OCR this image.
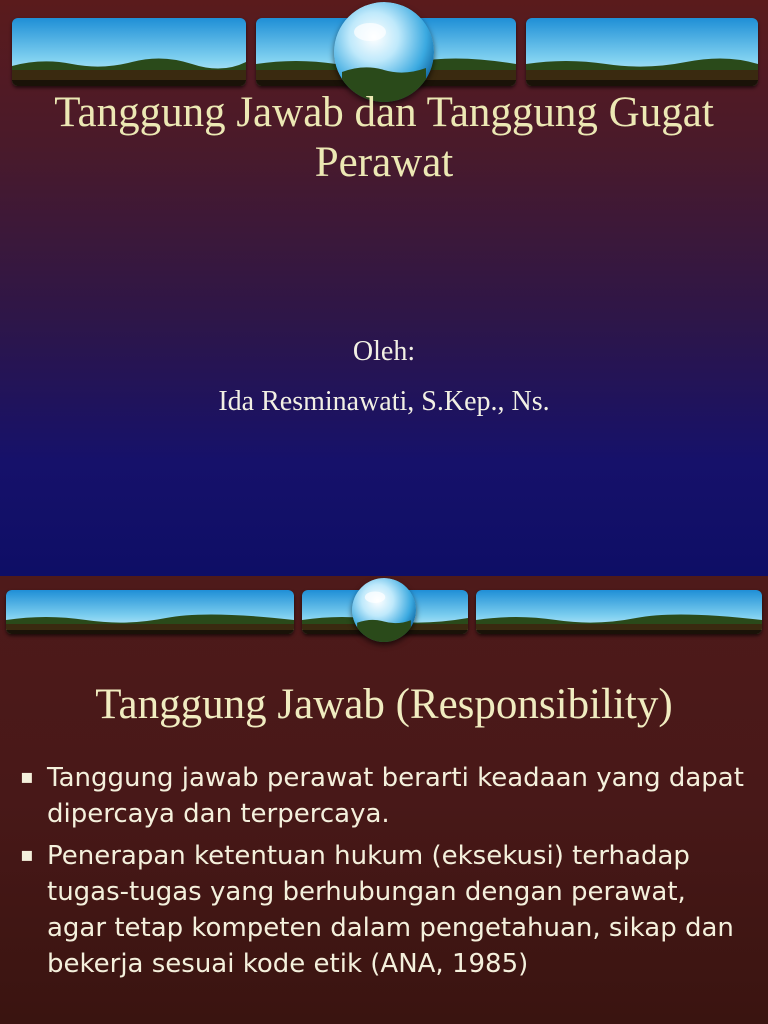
Tanggung Jawab dan Tanggung Gugat Perawat
Oleh:
Ida Resminawati, S.Kep., Ns.
Tanggung Jawab (Responsibility)
▪ Tanggung jawab perawat berarti keadaan yang dapat dipercaya dan terpercaya.
▪ Penerapan ketentuan hukum (eksekusi) terhadap tugas-tugas yang berhubungan dengan perawat, agar tetap kompeten dalam pengetahuan, sikap dan bekerja sesuai kode etik (ANA, 1985)
